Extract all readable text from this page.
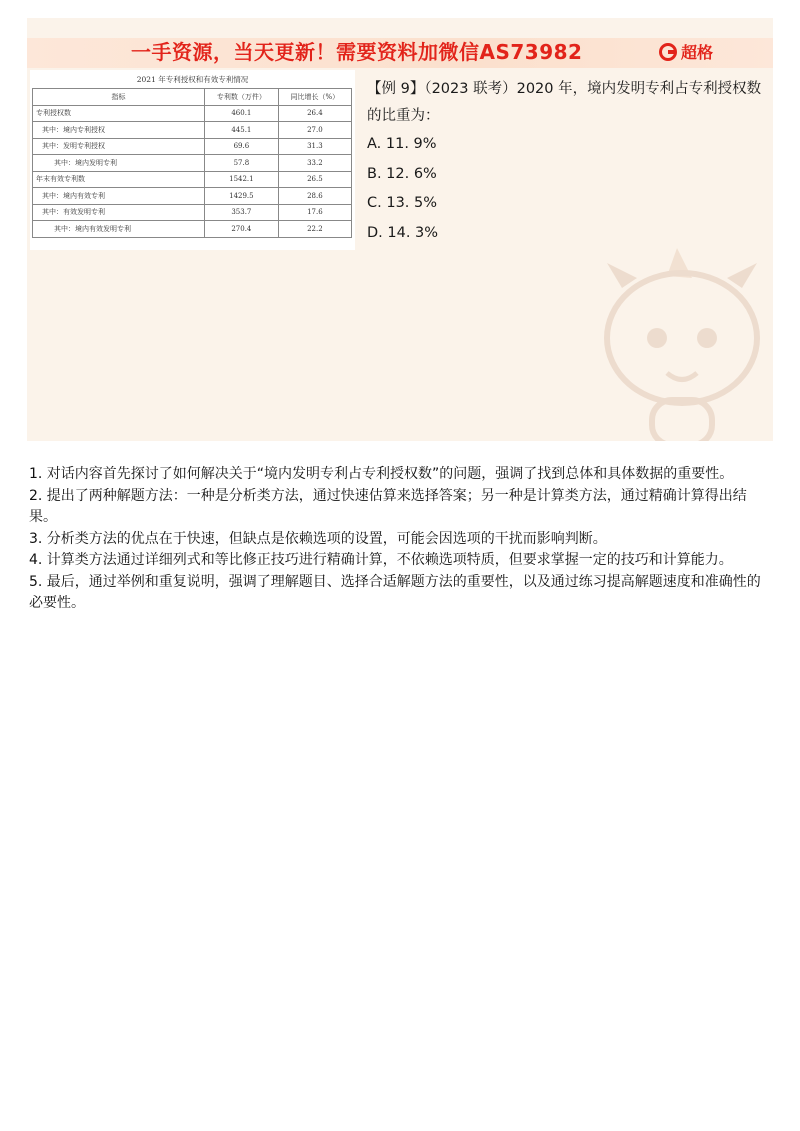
一手资源，当天更新！需要资料加微信AS73982	超格
2021 年专利授权和有效专利情况
指标	专利数（万件）	同比增长（%）
专利授权数	460.1	26.4
其中：境内专利授权	445.1	27.0
其中：发明专利授权	69.6	31.3
其中：境内发明专利	57.8	33.2
年末有效专利数	1542.1	26.5
其中：境内有效专利	1429.5	28.6
其中：有效发明专利	353.7	17.6
其中：境内有效发明专利	270.4	22.2
【例 9】（2023 联考）2020 年，境内发明专利占专利授权数的比重为：
A. 11. 9%
B. 12. 6%
C. 13. 5%
D. 14. 3%

1. 对话内容首先探讨了如何解决关于“境内发明专利占专利授权数”的问题，强调了找到总体和具体数据的重要性。

2. 提出了两种解题方法：一种是分析类方法，通过快速估算来选择答案；另一种是计算类方法，通过精确计算得出结果。

3. 分析类方法的优点在于快速，但缺点是依赖选项的设置，可能会因选项的干扰而影响判断。

4. 计算类方法通过详细列式和等比修正技巧进行精确计算，不依赖选项特质，但要求掌握一定的技巧和计算能力。

5. 最后，通过举例和重复说明，强调了理解题目、选择合适解题方法的重要性，以及通过练习提高解题速度和准确性的必要性。
